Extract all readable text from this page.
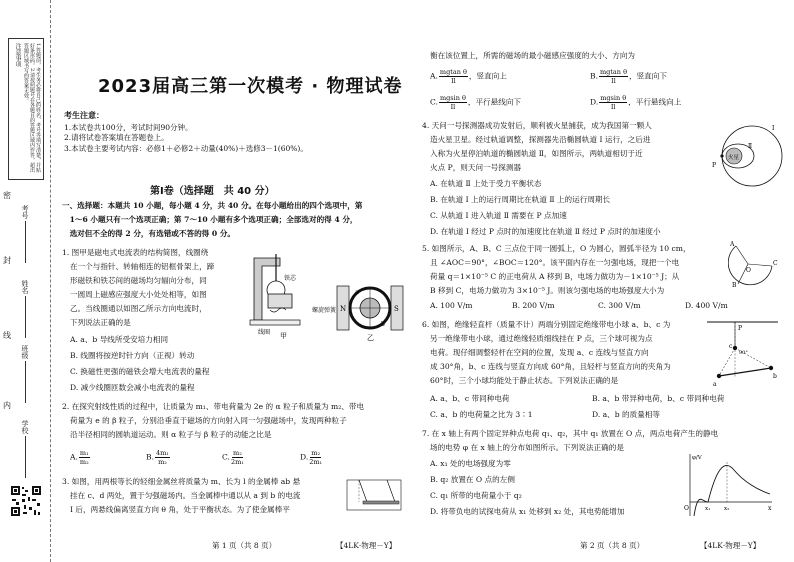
注意事项	1.答题前，考生务必将自己的姓名、考号等填写清楚，并贴好条形码。2.请按照题号在各题目的答题区域内作答，超出答题区域书写的答案无效。
考号
姓名
班级
学校
密
封
线
内
2023届高三第一次模考 · 物理试卷
考生注意：
1.本试卷共100分，考试时间90分钟。
2.请将试卷答案填在答题卷上。
3.本试卷主要考试内容：必修1＋必修2＋动量(40%)＋选修3－1(60%)。
第Ⅰ卷（选择题　共 40 分）
一、选择题：本题共 10 小题，每小题 4 分，共 40 分。在每小题给出的四个选项中，第
　1～6 小题只有一个选项正确；第 7～10 小题有多个选项正确；全部选对的得 4 分，
　选对但不全的得 2 分，有选错或不答的得 0 分。
1. 图甲是磁电式电流表的结构简图，线圈绕
在一个与指针、转轴相连的铝框骨架上，蹄
形磁铁和铁芯间的磁场均匀辐向分布，同
一圆周上磁感应强度大小处处相等，如图
乙。当线圈通以如图乙所示方向电流时，
下列说法正确的是
A. a、b 导线所受安培力相同
B. 线圈将按逆时针方向（正视）转动
C. 换磁性更强的磁铁会增大电流表的量程
D. 减少线圈匝数会减小电流表的量程
铁芯
线圈 甲
螺旋弹簧 N	S
a
b
乙
2. 在探究射线性质的过程中，让质量为 m₁、带电荷量为 2e 的 α 粒子和质量为 m₂、带电
荷量为 e 的 β 粒子，分别沿垂直于磁场的方向射入同一匀强磁场中，发现两种粒子
沿半径相同的圆轨道运动。则 α 粒子与 β 粒子的动能之比是
A. $\frac{\text{m₁}}{\text{m₂}}$	B. $\frac{\text{4m₁}}{\text{m₂}}$	C. $\frac{\text{m₂}}{\text{2m₁}}$	D. $\frac{\text{m₂}}{\text{2m₁}}$
3. 如图，用两根等长的轻细金属丝将质量为 m、长为 l 的金属棒 ab 悬
挂在 c、d 两处，置于匀强磁场内。当金属棒中通以从 a 到 b 的电流
I 后，两悬线偏离竖直方向 θ 角，处于平衡状态。为了使金属棒平
第 1 页（共 8 页）	【4LK·物理－Y】
衡在该位置上，所需的磁场的最小磁感应强度的大小、方向为
A. $\frac{\text{mgtan θ}}{Il}$ ，竖直向上	B. $\frac{\text{mgtan θ}}{Il}$ ，竖直向下
C. $\frac{\text{mgsin θ}}{Il}$ ，平行悬线向下	D. $\frac{\text{mgsin θ}}{Il}$ ，平行悬线向上
4. 天问一号探测器成功发射后，顺利被火星捕获，成为我国第一颗人
造火星卫星。经过轨道调整，探测器先沿椭圆轨道 Ⅰ 运行，之后进
入称为火星停泊轨道的椭圆轨道 Ⅱ，如图所示，两轨道相切于近
火点 P，则天问一号探测器
A. 在轨道 Ⅱ 上处于受力平衡状态
B. 在轨道 Ⅰ 上的运行周期比在轨道 Ⅱ 上的运行周期长
C. 从轨道 Ⅰ 进入轨道 Ⅱ 需要在 P 点加速
D. 在轨道 Ⅰ 经过 P 点时的加速度比在轨道 Ⅱ 经过 P 点时的加速度小
火星
P
Ⅰ
Ⅱ
5. 如图所示，A、B、C 三点位于同一圆弧上，O 为圆心，圆弧半径为 10 cm，
且 ∠AOC＝90°，∠BOC＝120°。该平面内存在一匀强电场，现把一个电
荷量 q＝1×10⁻⁵ C 的正电荷从 A 移到 B，电场力做功为－1×10⁻⁵ J；从
B 移到 C，电场力做功为 3×10⁻⁵ J。则该匀强电场的电场强度大小为
A. 100 V/m	B. 200 V/m	C. 300 V/m	D. 400 V/m
A
B
C
O
6. 如图，绝缘轻直杆（质量不计）两端分别固定绝缘带电小球 a、b、c 为
另一绝缘带电小球，通过绝缘轻质细线挂在 P 点，三个球可视为点
电荷。现仔细调整轻杆在空间的位置，发现 a、c 连线与竖直方向
成 30°角，b、c 连线与竖直方向成 60°角，且轻杆与竖直方向的夹角为
60°时，三个小球均能处于静止状态。下列说法正确的是
A. a、b、c 带同种电荷	B. a、b 带异种电荷，b、c 带同种电荷
C. a、b 的电荷量之比为 3∶1	D. a、b 的质量相等
P
90°
c
a
b
7. 在 x 轴上有两个固定异种点电荷 q₁、q₂，其中 q₁ 放置在 O 点，两点电荷产生的静电
场的电势 φ 在 x 轴上的分布如图所示。下列说法正确的是
A. x₁ 处的电场强度为零
B. q₂ 放置在 O 点的左侧
C. q₁ 所带的电荷量小于 q₂
D. 将带负电的试探电荷从 x₁ 处移到 x₂ 处，其电势能增加
φ/V
x
O	x₁ x₂
第 2 页（共 8 页）	【4LK·物理－Y】
